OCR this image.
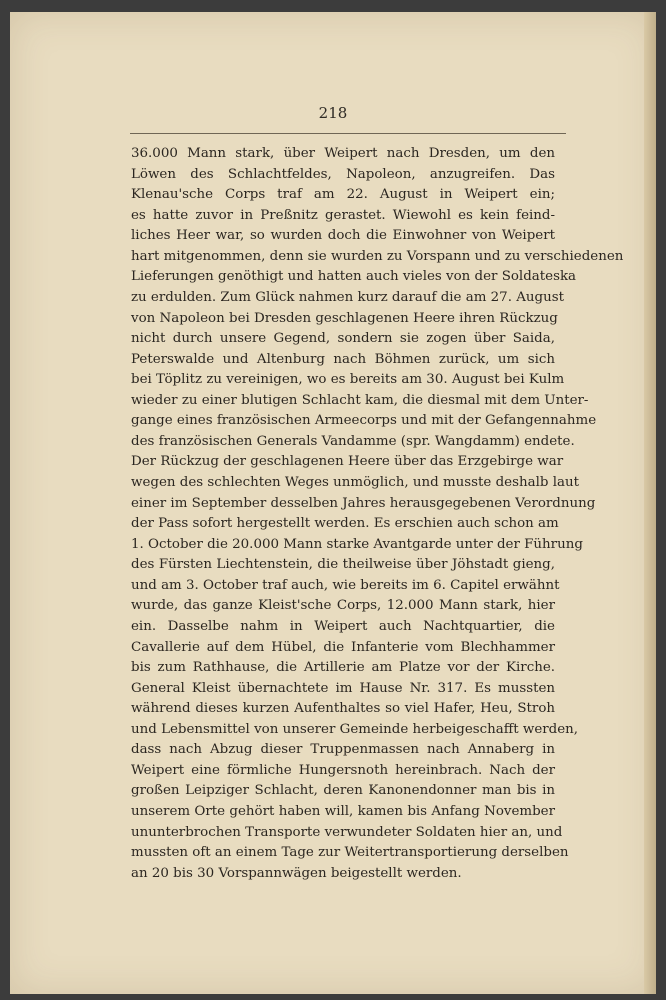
218
36.000 Mann stark, über Weipert nach Dresden, um den
Löwen des Schlachtfeldes, Napoleon, anzugreifen. Das
Klenau'sche Corps traf am 22. August in Weipert ein;
es hatte zuvor in Preßnitz gerastet. Wiewohl es kein feind-
liches Heer war, so wurden doch die Einwohner von Weipert
hart mitgenommen, denn sie wurden zu Vorspann und zu verschiedenen
Lieferungen genöthigt und hatten auch vieles von der Soldateska
zu erdulden. Zum Glück nahmen kurz darauf die am 27. August
von Napoleon bei Dresden geschlagenen Heere ihren Rückzug
nicht durch unsere Gegend, sondern sie zogen über Saida,
Peterswalde und Altenburg nach Böhmen zurück, um sich
bei Töplitz zu vereinigen, wo es bereits am 30. August bei Kulm
wieder zu einer blutigen Schlacht kam, die diesmal mit dem Unter-
gange eines französischen Armeecorps und mit der Gefangennahme
des französischen Generals Vandamme (spr. Wangdamm) endete.
Der Rückzug der geschlagenen Heere über das Erzgebirge war
wegen des schlechten Weges unmöglich, und musste deshalb laut
einer im September desselben Jahres herausgegebenen Verordnung
der Pass sofort hergestellt werden. Es erschien auch schon am
1. October die 20.000 Mann starke Avantgarde unter der Führung
des Fürsten Liechtenstein, die theilweise über Jöhstadt gieng,
und am 3. October traf auch, wie bereits im 6. Capitel erwähnt
wurde, das ganze Kleist'sche Corps, 12.000 Mann stark, hier
ein. Dasselbe nahm in Weipert auch Nachtquartier, die
Cavallerie auf dem Hübel, die Infanterie vom Blechhammer
bis zum Rathhause, die Artillerie am Platze vor der Kirche.
General Kleist übernachtete im Hause Nr. 317. Es mussten
während dieses kurzen Aufenthaltes so viel Hafer, Heu, Stroh
und Lebensmittel von unserer Gemeinde herbeigeschafft werden,
dass nach Abzug dieser Truppenmassen nach Annaberg in
Weipert eine förmliche Hungersnoth hereinbrach. Nach der
großen Leipziger Schlacht, deren Kanonendonner man bis in
unserem Orte gehört haben will, kamen bis Anfang November
ununterbrochen Transporte verwundeter Soldaten hier an, und
mussten oft an einem Tage zur Weitertransportierung derselben
an 20 bis 30 Vorspannwägen beigestellt werden.
